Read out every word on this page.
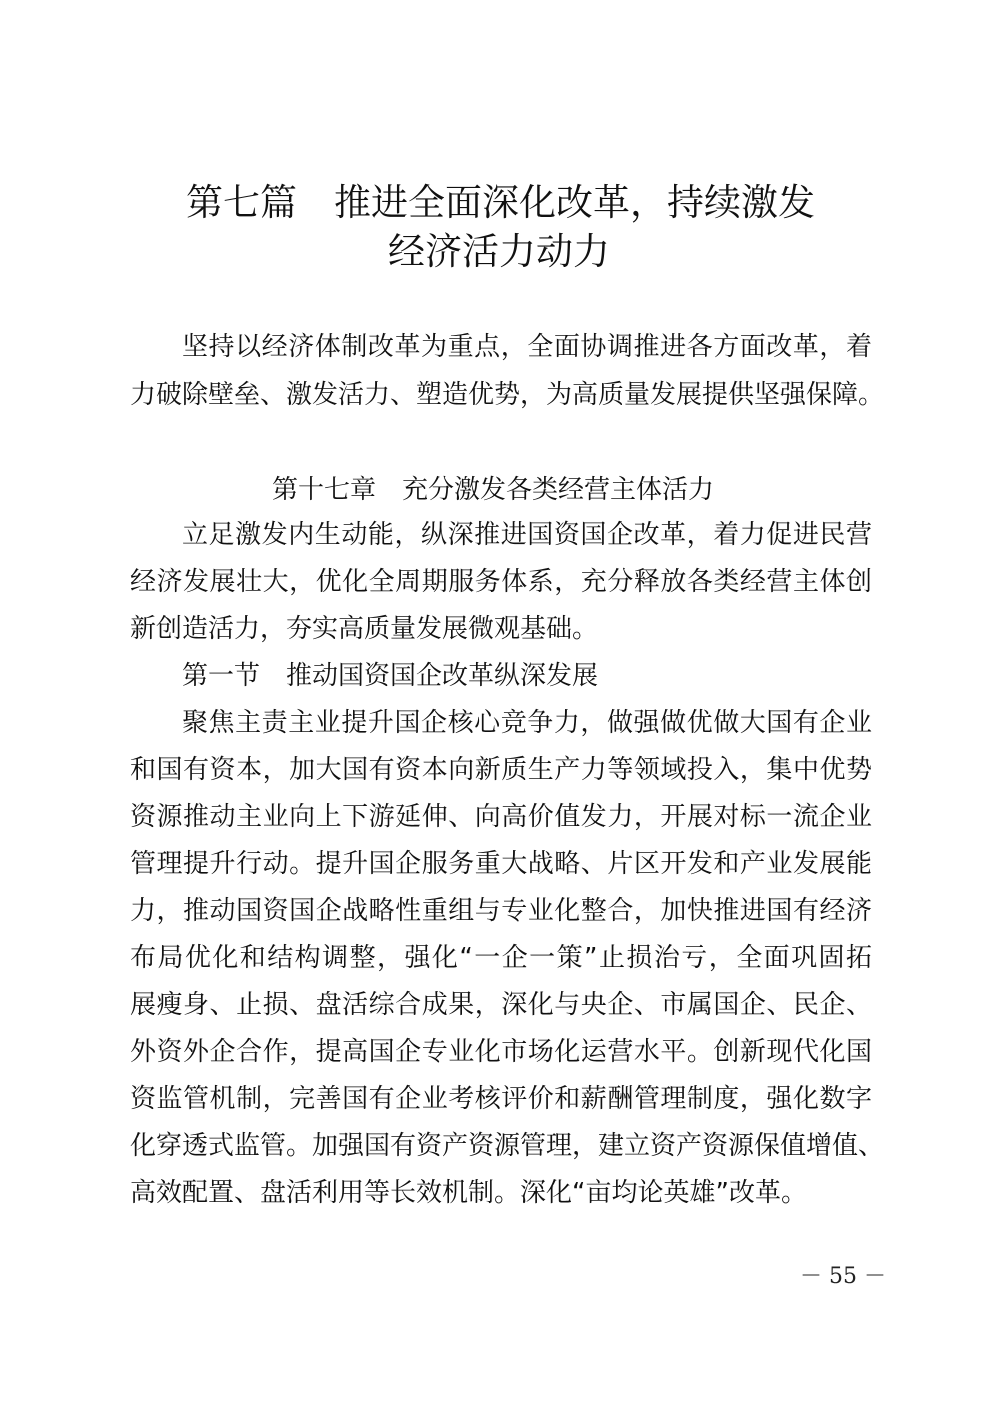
第七篇　推进全面深化改革，持续激发
经济活力动力
坚持以经济体制改革为重点，全面协调推进各方面改革，着
力破除壁垒、激发活力、塑造优势，为高质量发展提供坚强保障。
第十七章　充分激发各类经营主体活力
立足激发内生动能，纵深推进国资国企改革，着力促进民营
经济发展壮大，优化全周期服务体系，充分释放各类经营主体创
新创造活力，夯实高质量发展微观基础。
第一节　推动国资国企改革纵深发展
聚焦主责主业提升国企核心竞争力，做强做优做大国有企业
和国有资本，加大国有资本向新质生产力等领域投入，集中优势
资源推动主业向上下游延伸、向高价值发力，开展对标一流企业
管理提升行动。提升国企服务重大战略、片区开发和产业发展能
力，推动国资国企战略性重组与专业化整合，加快推进国有经济
布局优化和结构调整，强化“一企一策”止损治亏，全面巩固拓
展瘦身、止损、盘活综合成果，深化与央企、市属国企、民企、
外资外企合作，提高国企专业化市场化运营水平。创新现代化国
资监管机制，完善国有企业考核评价和薪酬管理制度，强化数字
化穿透式监管。加强国有资产资源管理，建立资产资源保值增值、
高效配置、盘活利用等长效机制。深化“亩均论英雄”改革。
－ 55 －
